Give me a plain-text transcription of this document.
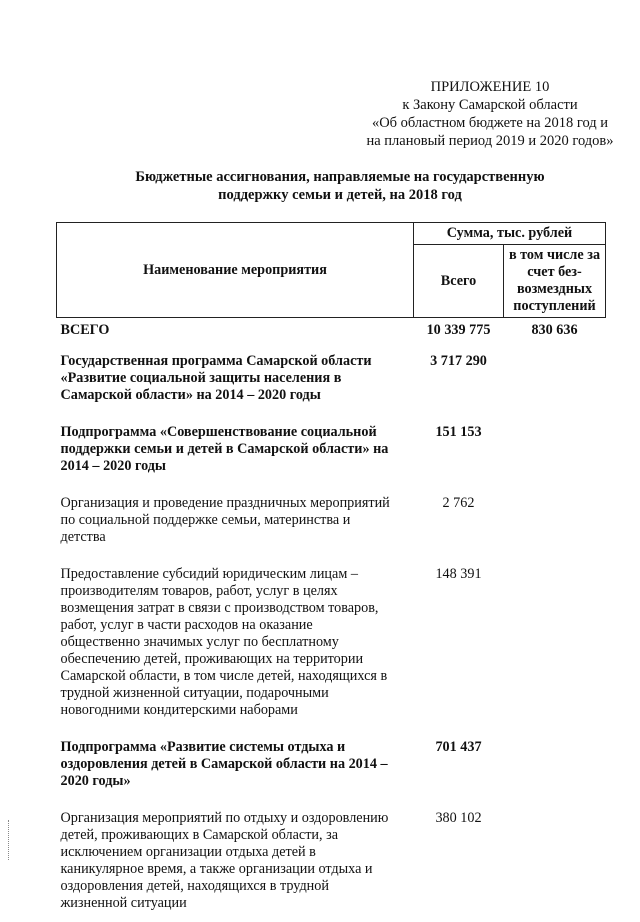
ПРИЛОЖЕНИЕ 10
к Закону Самарской области
«Об областном бюджете на 2018 год и
на плановый период 2019 и 2020 годов»
Бюджетные ассигнования, направляемые на государственную
поддержку семьи и детей, на 2018 год
Наименование мероприятия	Сумма, тыс. рублей	
	Всего	в том числе за счет без-возмездных поступлений
ВСЕГО	10 339 775	830 636
Государственная программа Самарской области «Развитие социальной защиты населения в Самарской области» на 2014 – 2020 годы	3 717 290	
Подпрограмма «Совершенствование социальной поддержки семьи и детей в Самарской области» на 2014 – 2020 годы	151 153	
Организация и проведение праздничных мероприятий по социальной поддержке семьи, материнства и детства	2 762	
Предоставление субсидий юридическим лицам – производителям товаров, работ, услуг в целях возмещения затрат в связи с производством товаров, работ, услуг в части расходов на оказание общественно значимых услуг по бесплатному обеспечению детей, проживающих на территории Самарской области, в том числе детей, находящихся в трудной жизненной ситуации, подарочными новогодними кондитерскими наборами	148 391	
Подпрограмма «Развитие системы отдыха и оздоровления детей в Самарской области на 2014 – 2020 годы»	701 437	
Организация мероприятий по отдыху и оздоровлению детей, проживающих в Самарской области, за исключением организации отдыха детей в каникулярное время, а также организации отдыха и оздоровления детей, находящихся в трудной жизненной ситуации	380 102	
